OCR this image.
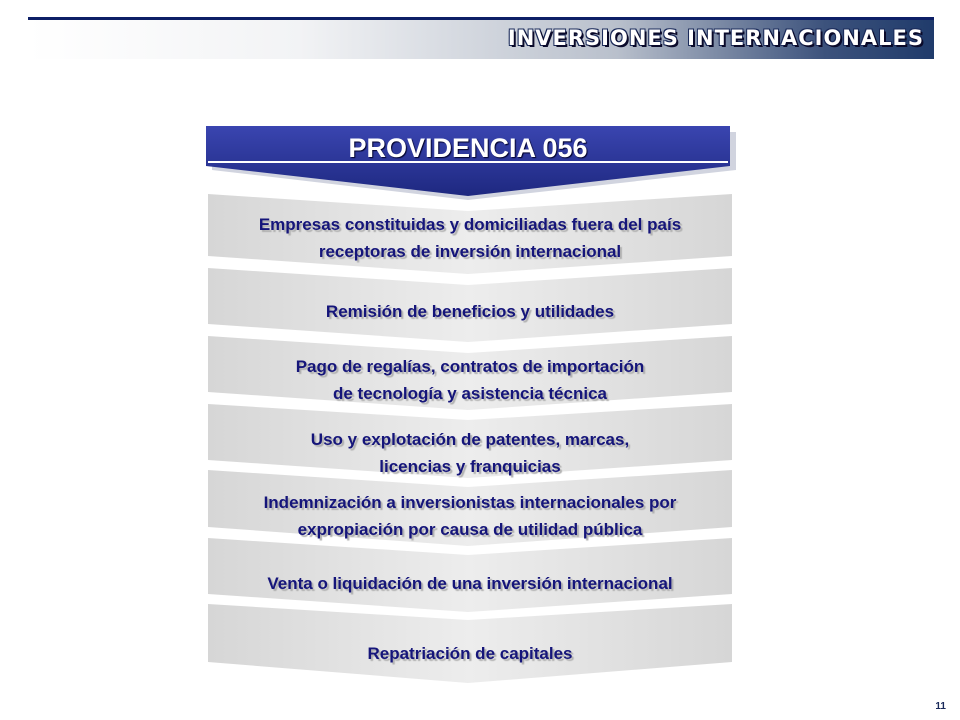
INVERSIONES INTERNACIONALES
PROVIDENCIA 056
Empresas constituidas y domiciliadas fuera del país
receptoras de inversión internacional
Remisión de beneficios y utilidades
Pago de regalías, contratos de importación
de tecnología y asistencia técnica
Uso y explotación de patentes, marcas,
licencias y franquicias
Indemnización a inversionistas internacionales por
expropiación por causa de utilidad pública
Venta o liquidación de una inversión internacional
Repatriación de capitales
11
